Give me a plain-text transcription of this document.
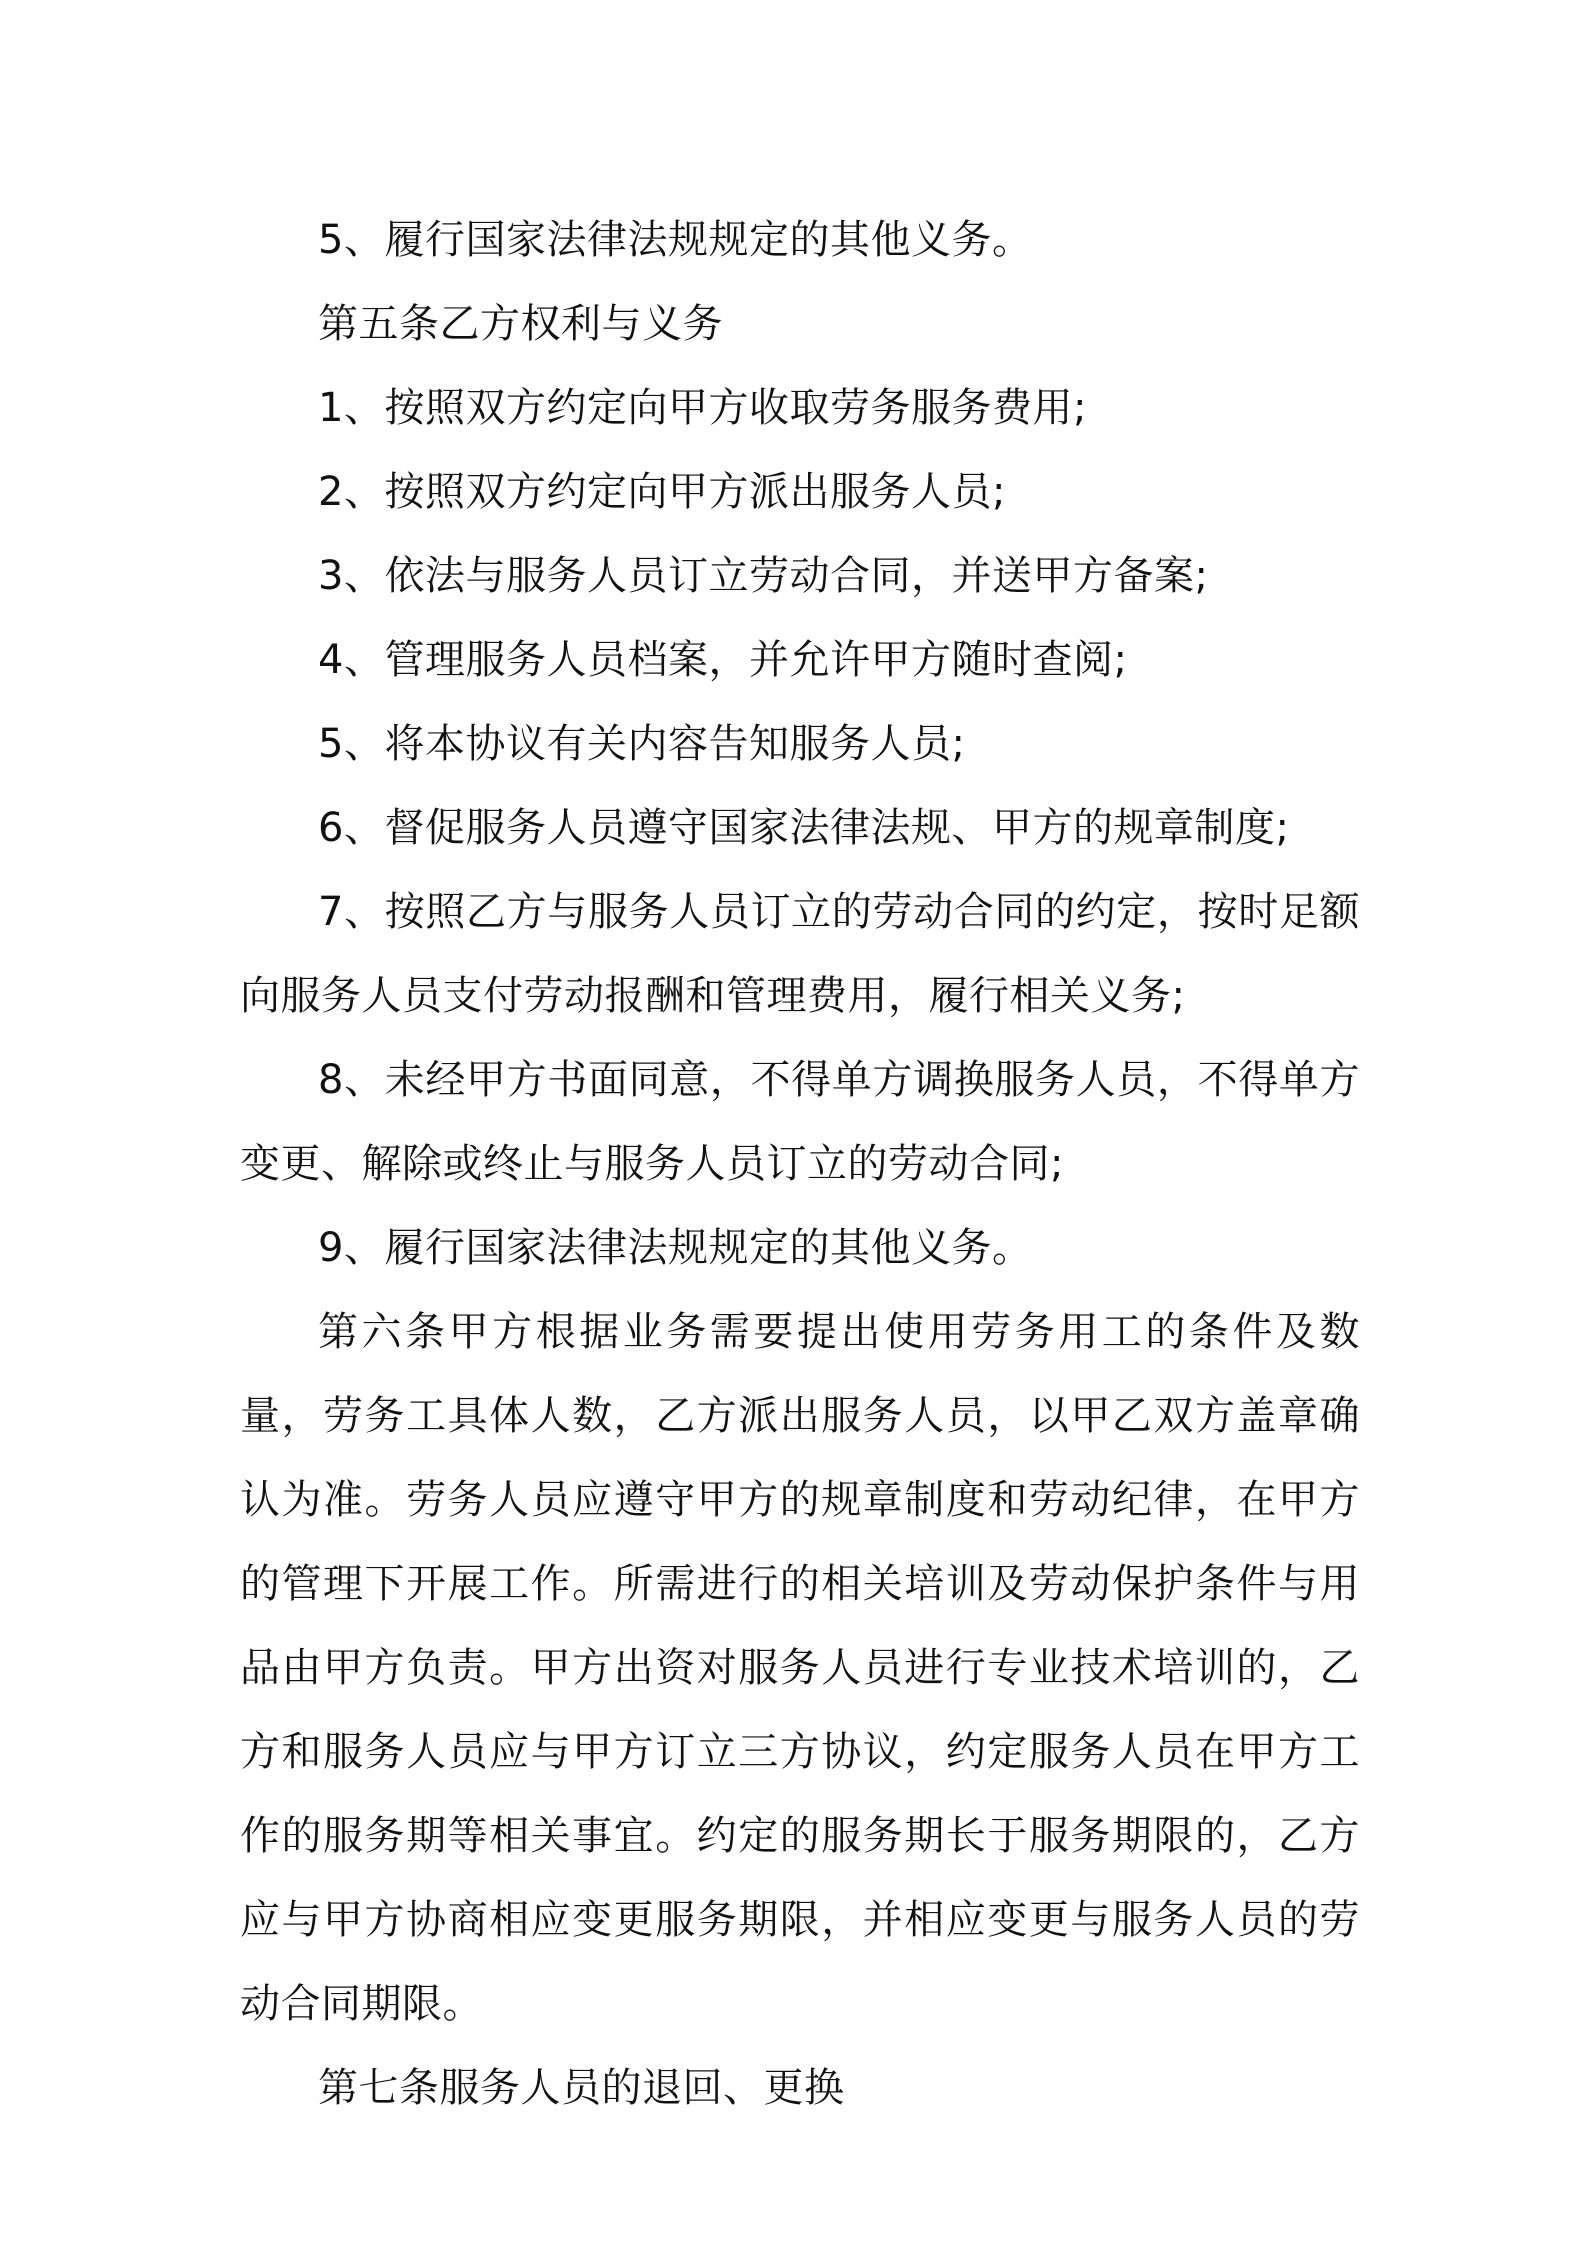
5、履行国家法律法规规定的其他义务。

第五条乙方权利与义务

1、按照双方约定向甲方收取劳务服务费用;

2、按照双方约定向甲方派出服务人员;

3、依法与服务人员订立劳动合同，并送甲方备案;

4、管理服务人员档案，并允许甲方随时查阅;

5、将本协议有关内容告知服务人员;

6、督促服务人员遵守国家法律法规、甲方的规章制度;

7、按照乙方与服务人员订立的劳动合同的约定，按时足额向服务人员支付劳动报酬和管理费用，履行相关义务;

8、未经甲方书面同意，不得单方调换服务人员，不得单方变更、解除或终止与服务人员订立的劳动合同;

9、履行国家法律法规规定的其他义务。

第六条甲方根据业务需要提出使用劳务用工的条件及数量，劳务工具体人数，乙方派出服务人员，以甲乙双方盖章确认为准。劳务人员应遵守甲方的规章制度和劳动纪律，在甲方的管理下开展工作。所需进行的相关培训及劳动保护条件与用品由甲方负责。甲方出资对服务人员进行专业技术培训的，乙方和服务人员应与甲方订立三方协议，约定服务人员在甲方工作的服务期等相关事宜。约定的服务期长于服务期限的，乙方应与甲方协商相应变更服务期限，并相应变更与服务人员的劳动合同期限。

第七条服务人员的退回、更换
